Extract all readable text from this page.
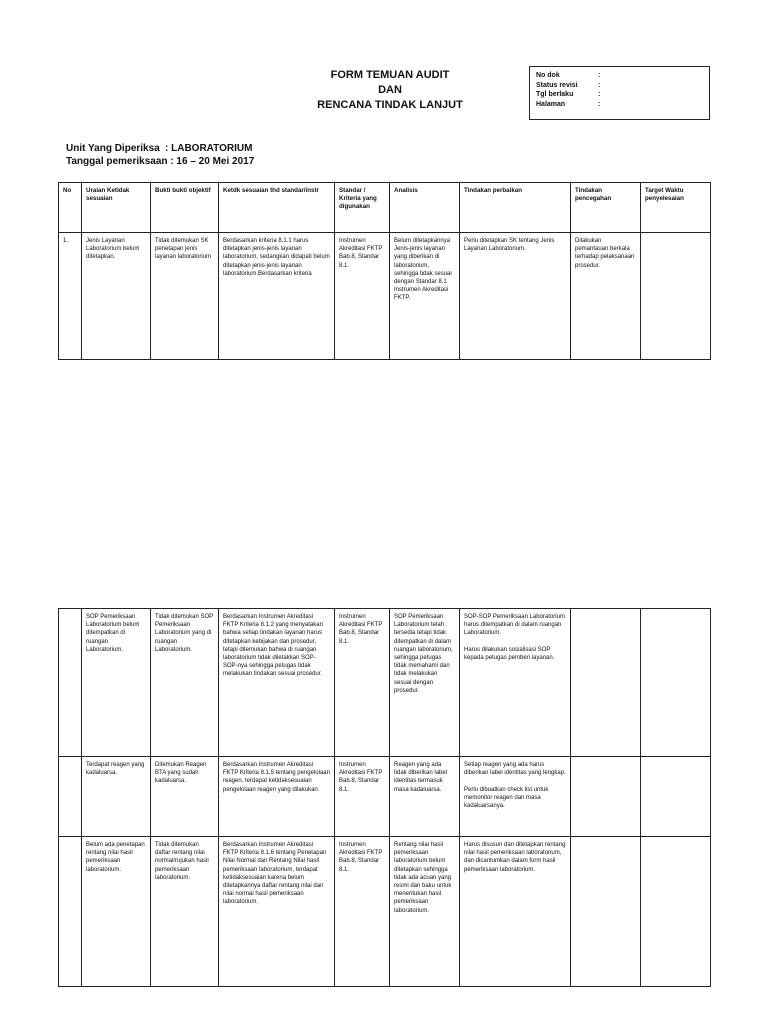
FORM TEMUAN AUDIT
DAN
RENCANA TINDAK LANJUT
No dok	:
Status revisi	:
Tgl berlaku	:
Halaman	:
Unit Yang Diperiksa : LABORATORIUM
Tanggal pemeriksaan : 16 – 20 Mei 2017
No	Uraian Ketidak sesuaian	Bukti bukti objektif	Ketdk sesuaian thd standar/instr	Standar / Kriteria yang digunakan	Analisis	Tindakan perbaikan	Tindakan pencegahan	Target Waktu penyelesaian
1.	Jenis Layanan Laboratorium belum ditetapkan.	Tidak ditemukan SK penetapan jenis layanan laboratorium	Berdasarkan kriteria 8.1.1 harus ditetapkan jenis-jenis layanan laboratorium, sedangkan didapati belum ditetapkan jenis-jenis layanan laboratorium.Berdasarkan kriteria	Instrumen Akreditasi FKTP Bab.8, Standar 8.1.	Belum ditetapkannya Jenis-jenis layanan yang diberikan di laboratorium, sehingga tidak sesuai dengan Standar 8.1 Instrumen Akreditasi FKTP.	Perlu ditetapkan SK tentang Jenis Layanan Laboratorium.	Dilakukan pemantauan berkala terhadap pelaksanaan prosedur.	
	SOP Pemeriksaan Laboratorium belum ditempatkan di ruangan Laboratorium.	Tidak ditemukan SOP Pemeriksaan Laboratorium yang di ruangan Laboratorium.	Berdasarkan Instrumen Akreditasi FKTP Kriteria 8.1.2 yang menyatakan bahwa setiap tindakan layanan harus ditetapkan kebijakan dan prosedur, tetapi ditemukan bahwa di ruangan laboratorium tidak diletakkan SOP-SOP-nya sehingga petugas tidak melakukan tindakan sesuai prosedur.	Instrumen Akreditasi FKTP Bab.8, Standar 8.1.	SOP Pemeriksaan Laboratorium telah tersedia tetapi tidak ditempatkan di dalam ruangan laboratorium, sehingga petugas tidak memahami dan tidak melakukan sesuai dengan prosedur.	SOP-SOP Pemeriksaan Laboratorium harus ditempatkan di dalam ruangan Laboratorium.

Harus dilakukan sosialisasi SOP kepada petugas pemberi layanan.		
	Terdapat reagen yang kadaluarsa.	Ditemukan Reagen BTA yang sudah kadaluarsa.	Berdasarkan Instrumen Akreditasi FKTP Kriteria 8.1.5 tentang pengelolaan reagen, terdapat ketidaksesuaian pengelolaan reagen yang dilakukan.	Instrumen Akreditasi FKTP Bab.8, Standar 8.1.	Reagen yang ada tidak diberikan label identitas termasuk masa kadaluarsa.	Setiap reagen yang ada harus diberikan label identitas yang lengkap.

Perlu dibuatkan check list untuk memonitor reagen dan masa kadaluarsanya.		
	Belum ada penetapan rentang nilai hasil pemeriksaan laboratorium.	Tidak ditemukan daftar rentang nilai normal/rujukan hasil pemeriksaan laboratorium.	Berdasarkan Instrumen Akreditasi FKTP Kriteria 8.1.6 tentang Penetapan Nilai Normal dan Rentang Nilai hasil pemeriksaan laboratorium, terdapat ketidaksesuaian karena belum ditetapkannya daftar rentang nilai dan nilai normal hasil pemeriksaan laboratorium.	Instrumen Akreditasi FKTP Bab.8, Standar 8.1.	Rentang nilai hasil pemeriksaan laboratorium belum ditetapkan sehingga tidak ada acuan yang resmi dan baku untuk menentukan hasil pemeriksaan laboratorium.	Harus disusun dan ditetapkan rentang nilai hasil pemeriksaan laboratorium, dan dicantumkan dalam form hasil pemeriksaan laboratorium.		
